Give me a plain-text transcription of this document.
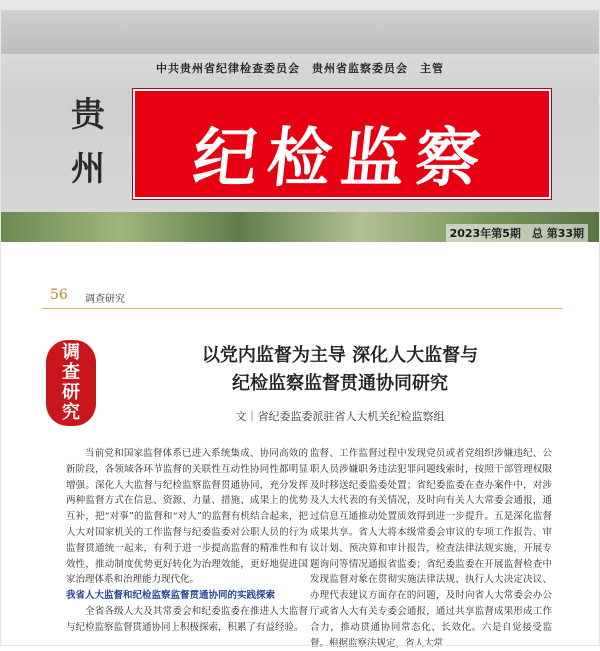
中共贵州省纪律检查委员会　贵州省监察委员会　主管
贵州	纪检监察
2023年第5期　总 第33期
56 调查研究
调
查
研
究
以党内监督为主导 深化人大监督与
纪检监察监督贯通协同研究
文｜省纪委监委派驻省人大机关纪检监察组

当前党和国家监督体系已进入系统集成、协同高效的新阶段，各领域各环节监督的关联性互动性协同性都明显增强。深化人大监督与纪检监察监督贯通协同，充分发挥两种监督方式在信息、资源、力量、措施、成果上的优势互补，把“对事”的监督和“对人”的监督有机结合起来，把人大对国家机关的工作监督与纪委监委对公职人员的行为监督贯通统一起来，有利于进一步提高监督的精准性和有效性，推动制度优势更好转化为治理效能，更好地促进国家治理体系和治理能力现代化。

我省人大监督和纪检监察监督贯通协同的实践探索

全省各级人大及其常委会和纪委监委在推进人大监督与纪检监察监督贯通协同上积极探索，积累了有益经验。

监督、工作监督过程中发现党员或者党组织涉嫌违纪、公职人员涉嫌职务违法犯罪问题线索时，按照干部管理权限及时移送纪委监委处置；省纪委监委在查办案件中，对涉及人大代表的有关情况，及时向有关人大常委会通报，通过信息互通推动处置质效得到进一步提升。五是深化监督成果共享。省人大将本级常委会审议的专项工作报告、审议计划、预决算和审计报告，检查法律法规实施，开展专题询问等情况通报省监委；省纪委监委在开展监督检查中发现监督对象在贯彻实施法律法规、执行人大决定决议、办理代表建议方面存在的问题，及时向省人大常委会办公厅或省人大有关专委会通报，通过共享监督成果形成工作合力，推动贯通协同常态化、长效化。六是自觉接受监督。根据监察法规定，省人大常
